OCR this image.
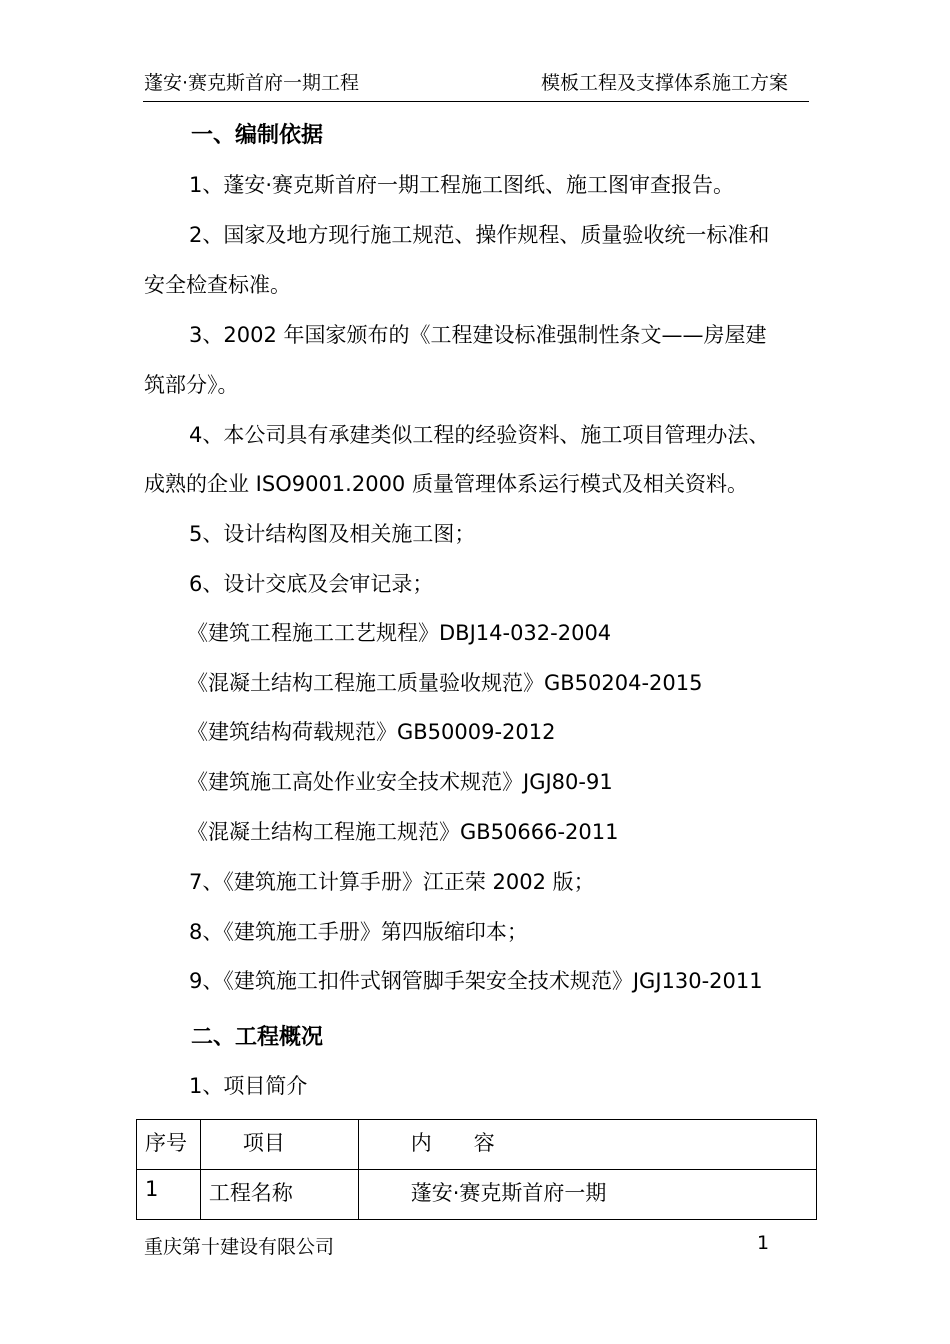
蓬安·赛克斯首府一期工程	模板工程及支撑体系施工方案
一、编制依据
1、蓬安·赛克斯首府一期工程施工图纸、施工图审查报告。
2、国家及地方现行施工规范、操作规程、质量验收统一标准和
安全检查标准。
3、2002 年国家颁布的《工程建设标准强制性条文——房屋建
筑部分》。
4、本公司具有承建类似工程的经验资料、施工项目管理办法、
成熟的企业 ISO9001.2000 质量管理体系运行模式及相关资料。
5、设计结构图及相关施工图；
6、设计交底及会审记录；
《建筑工程施工工艺规程》DBJ14-032-2004
《混凝土结构工程施工质量验收规范》GB50204-2015
《建筑结构荷载规范》GB50009-2012
《建筑施工高处作业安全技术规范》JGJ80-91
《混凝土结构工程施工规范》GB50666-2011
7、《建筑施工计算手册》江正荣 2002 版；
8、《建筑施工手册》第四版缩印本；
9、《建筑施工扣件式钢管脚手架安全技术规范》JGJ130-2011
二、工程概况
1、项目简介
序号	项目	内　　容
1	工程名称	蓬安·赛克斯首府一期
重庆第十建设有限公司	1
